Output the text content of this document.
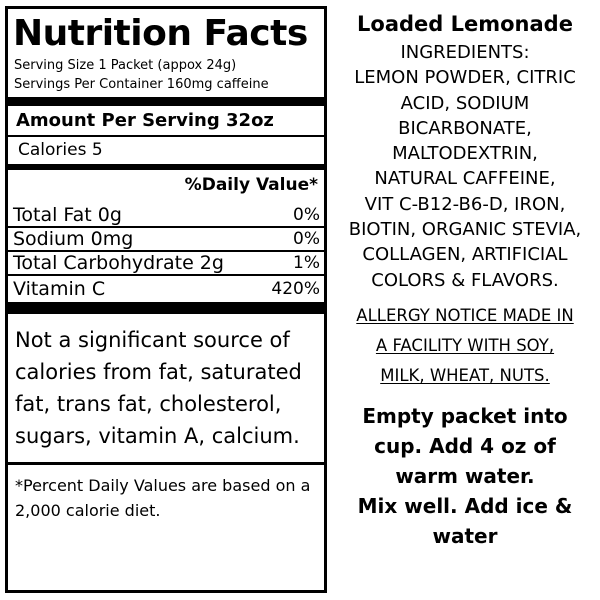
Nutrition Facts
Serving Size 1 Packet (appox 24g)
Servings Per Container 160mg caffeine
Amount Per Serving 32oz
Calories 5
%Daily Value*
Total Fat 0g	0%
Sodium 0mg	0%
Total Carbohydrate 2g	1%
Vitamin C	420%
Not a significant source of calories from fat, saturated fat, trans fat, cholesterol, sugars, vitamin A, calcium.
*Percent Daily Values are based on a 2,000 calorie diet.
Loaded Lemonade
INGREDIENTS:
LEMON POWDER, CITRIC
ACID, SODIUM
BICARBONATE,
MALTODEXTRIN,
NATURAL CAFFEINE,
VIT C-B12-B6-D, IRON,
BIOTIN, ORGANIC STEVIA,
COLLAGEN, ARTIFICIAL
COLORS & FLAVORS.
ALLERGY NOTICE MADE IN
A FACILITY WITH SOY,
MILK, WHEAT, NUTS.
Empty packet into
cup. Add 4 oz of
warm water.
Mix well. Add ice &
water
